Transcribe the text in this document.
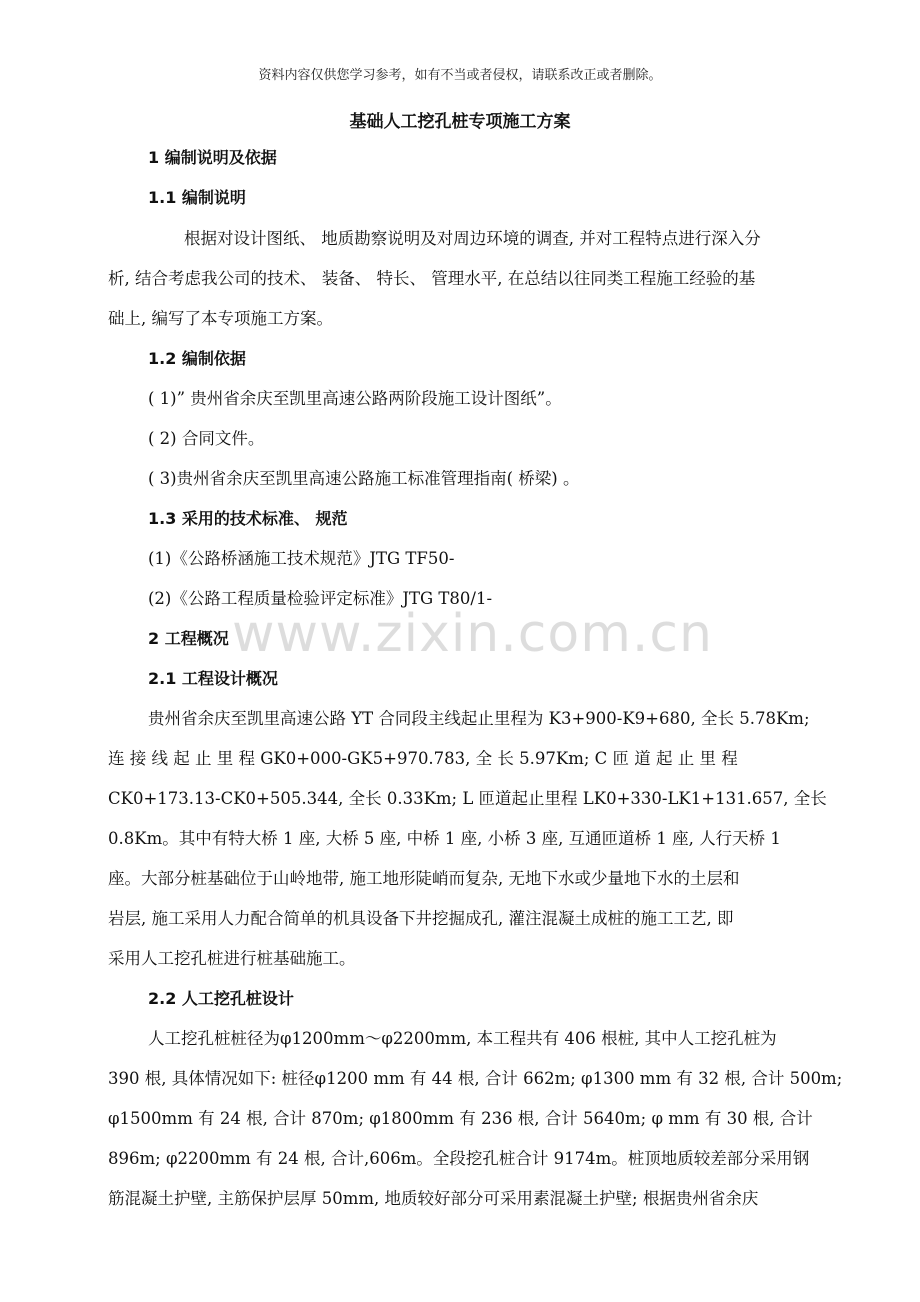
资料内容仅供您学习参考，如有不当或者侵权，请联系改正或者删除。
基础人工挖孔桩专项施工方案
1 编制说明及依据
1.1 编制说明
根据对设计图纸、 地质勘察说明及对周边环境的调查, 并对工程特点进行深入分
析, 结合考虑我公司的技术、 装备、 特长、 管理水平, 在总结以往同类工程施工经验的基
础上, 编写了本专项施工方案。
1.2 编制依据
( 1)” 贵州省余庆至凯里高速公路两阶段施工设计图纸”。
( 2) 合同文件。
( 3)贵州省余庆至凯里高速公路施工标准管理指南( 桥梁) 。
1.3 采用的技术标准、 规范
(1)《公路桥涵施工技术规范》JTG TF50-
(2)《公路工程质量检验评定标准》JTG T80/1-
www.zixin.com.cn
2 工程概况
2.1 工程设计概况
贵州省余庆至凯里高速公路 YT 合同段主线起止里程为 K3+900-K9+680, 全长 5.78Km;
连 接 线 起 止 里 程 GK0+000-GK5+970.783, 全 长 5.97Km; C 匝 道 起 止 里 程
CK0+173.13-CK0+505.344, 全长 0.33Km; L 匝道起止里程 LK0+330-LK1+131.657, 全长
0.8Km。其中有特大桥 1 座, 大桥 5 座, 中桥 1 座, 小桥 3 座, 互通匝道桥 1 座, 人行天桥 1
座。大部分桩基础位于山岭地带, 施工地形陡峭而复杂, 无地下水或少量地下水的土层和
岩层, 施工采用人力配合简单的机具设备下井挖掘成孔, 灌注混凝土成桩的施工工艺, 即
采用人工挖孔桩进行桩基础施工。
2.2 人工挖孔桩设计
人工挖孔桩桩径为φ1200mm～φ2200mm, 本工程共有 406 根桩, 其中人工挖孔桩为
390 根, 具体情况如下: 桩径φ1200 mm 有 44 根, 合计 662m; φ1300 mm 有 32 根, 合计 500m;
φ1500mm 有 24 根, 合计 870m; φ1800mm 有 236 根, 合计 5640m; φ mm 有 30 根, 合计
896m; φ2200mm 有 24 根, 合计,606m。全段挖孔桩合计 9174m。桩顶地质较差部分采用钢
筋混凝土护壁, 主筋保护层厚 50mm, 地质较好部分可采用素混凝土护壁; 根据贵州省余庆
